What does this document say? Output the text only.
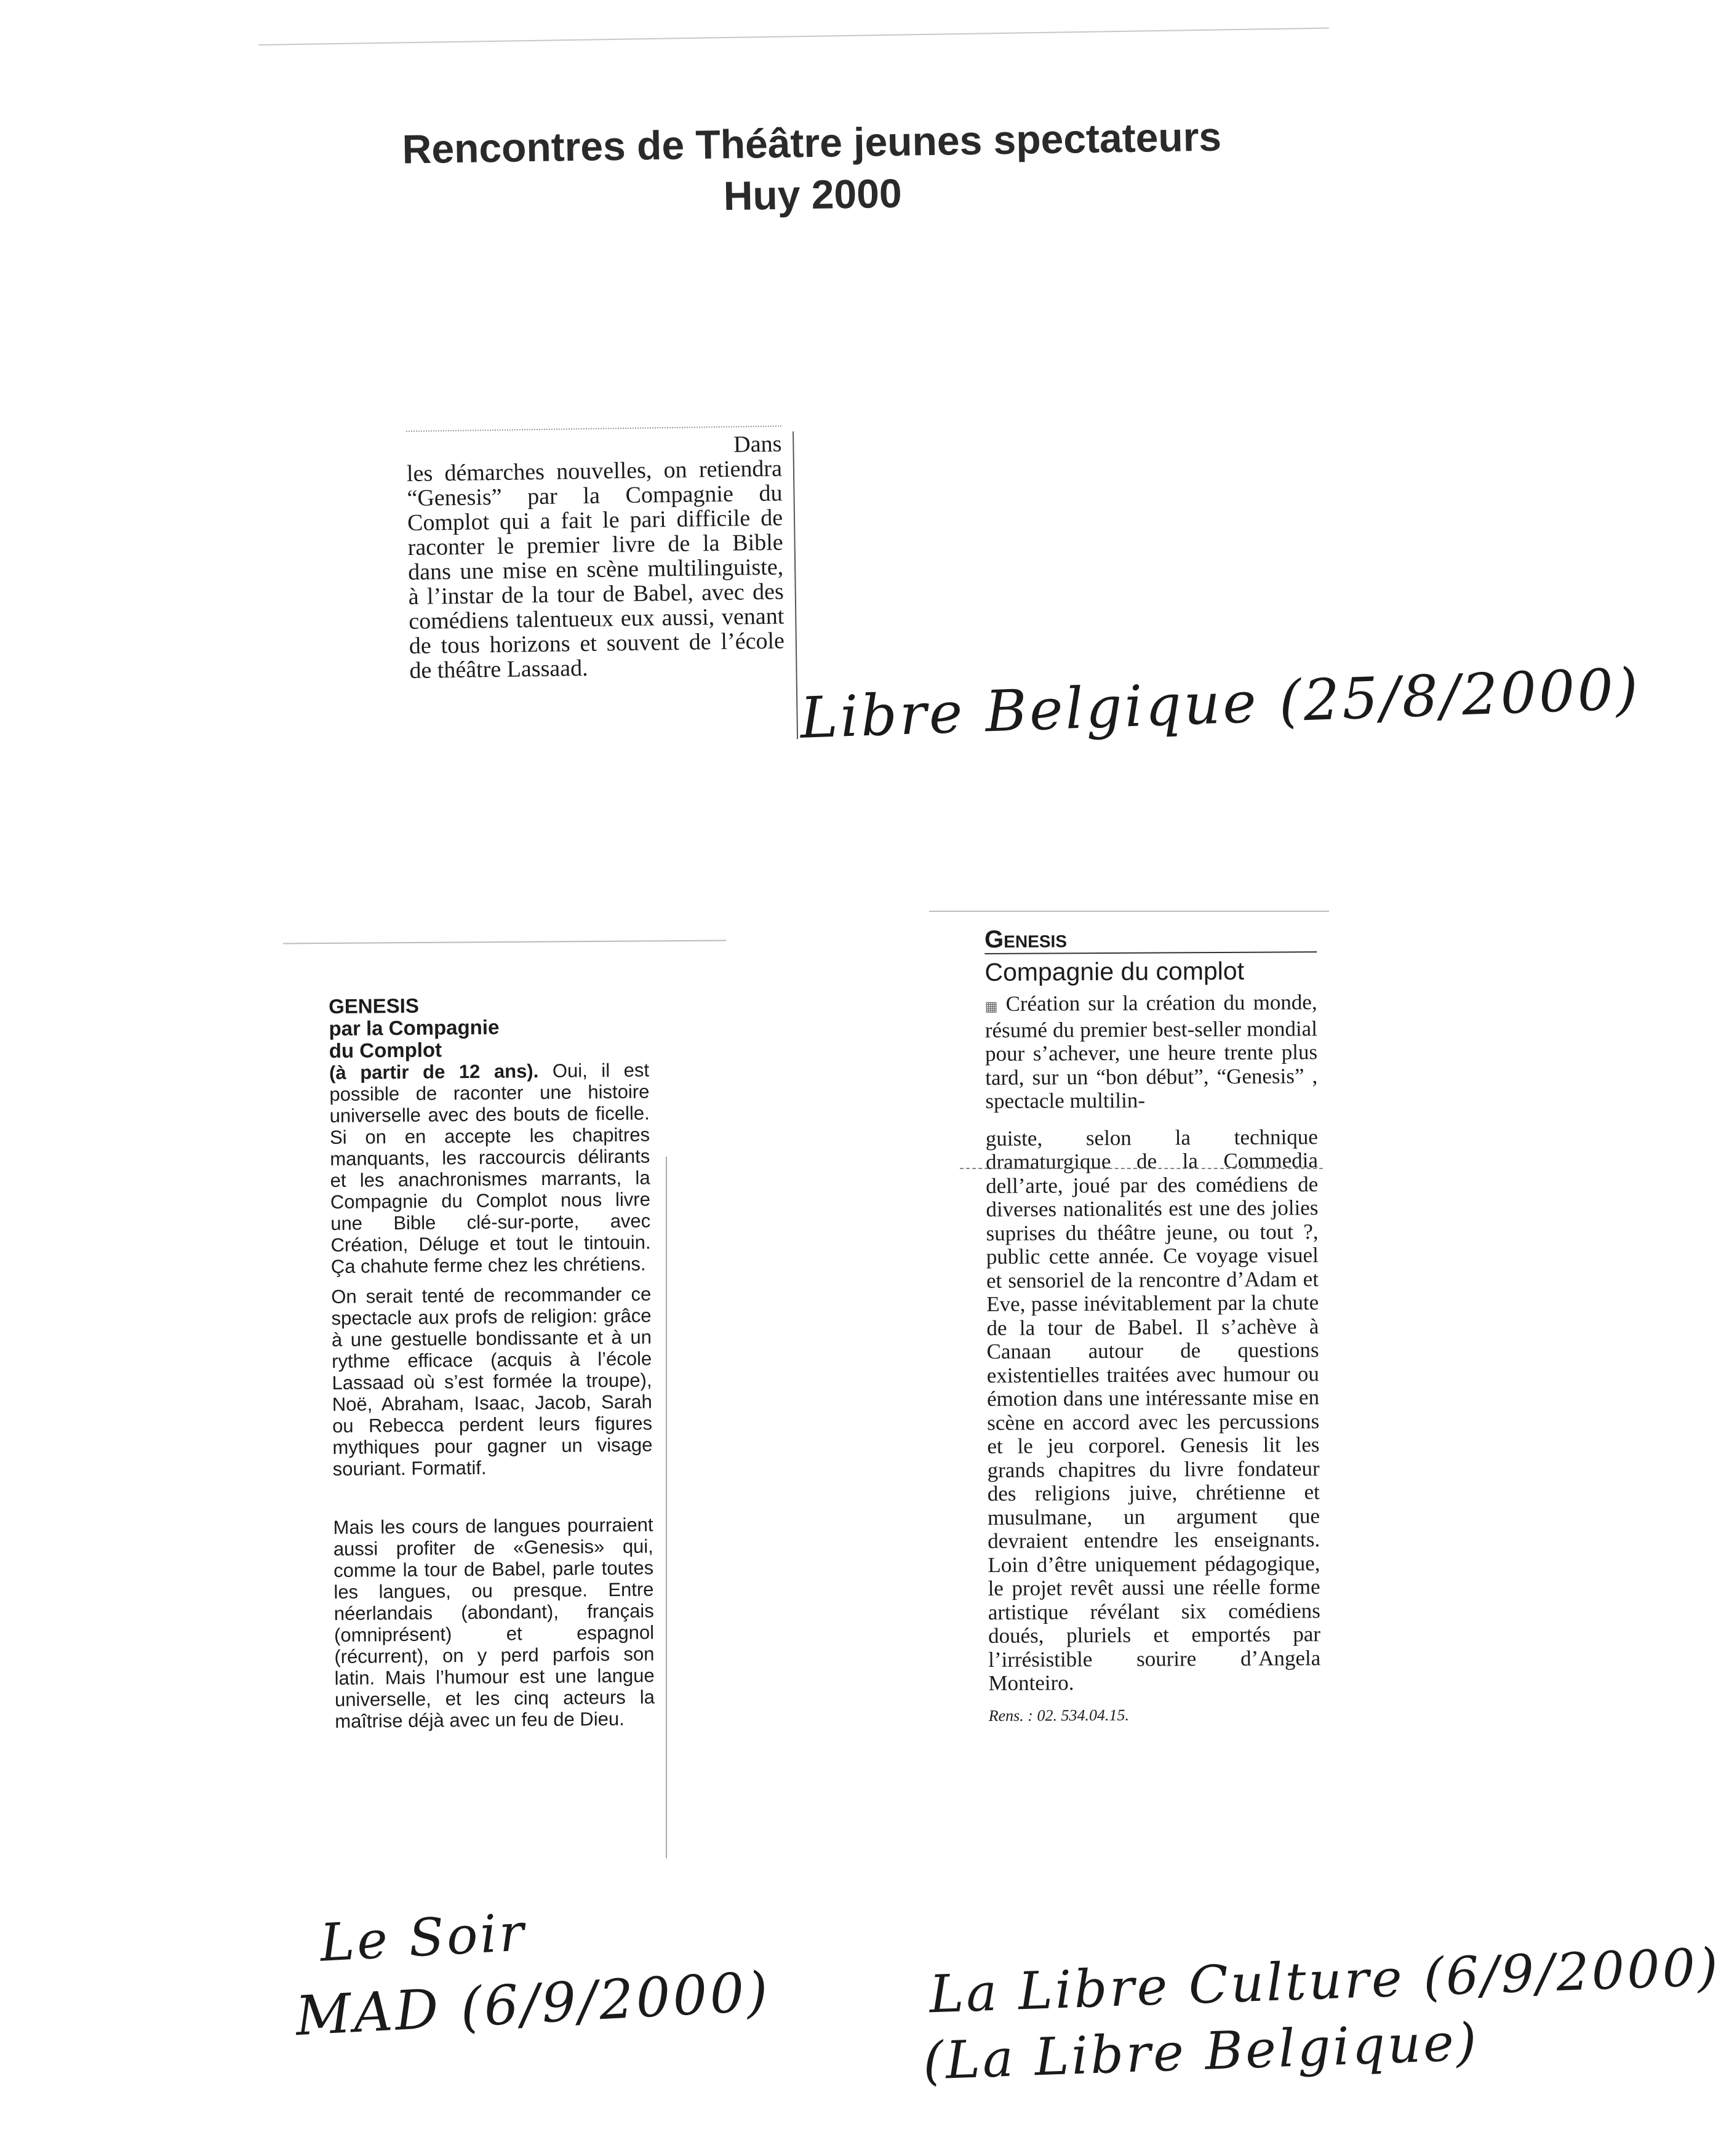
Rencontres de Théâtre jeunes spectateurs
Huy 2000
Dans
les démarches nouvelles, on retiendra “Genesis” par la Compagnie du Complot qui a fait le pari difficile de raconter le premier livre de la Bible dans une mise en scène multilinguiste, à l’instar de la tour de Babel, avec des comédiens talentueux eux aussi, venant de tous horizons et souvent de l’école de théâtre Lassaad.	Libre Belgique (25/8/2000)

GENESIS

par la Compagnie

du Complot

(à partir de 12 ans). Oui, il est possible de raconter une histoire universelle avec des bouts de ficelle. Si on en accepte les chapitres manquants, les raccourcis délirants et les anachronismes marrants, la Compagnie du Complot nous livre une Bible clé-sur-porte, avec Création, Déluge et tout le tintouin. Ça chahute ferme chez les chrétiens.

On serait tenté de recommander ce spectacle aux profs de religion: grâce à une gestuelle bondissante et à un rythme efficace (acquis à l’école Lassaad où s’est formée la troupe), Noë, Abraham, Isaac, Jacob, Sarah ou Rebecca perdent leurs figures mythiques pour gagner un visage souriant. Formatif.

Mais les cours de langues pourraient aussi profiter de «Genesis» qui, comme la tour de Babel, parle toutes les langues, ou presque. Entre néerlandais (abondant), français (omniprésent) et espagnol (récurrent), on y perd parfois son latin. Mais l’humour est une langue universelle, et les cinq acteurs la maîtrise déjà avec un feu de Dieu.

Le Soir
MAD (6/9/2000)
Genesis
Compagnie du complot
▦ Création sur la création du monde, résumé du premier best-seller mondial pour s’achever, une heure trente plus tard, sur un “bon début”, “Genesis” , spectacle multilin-
guiste, selon la technique dramaturgique de la Commedia dell’arte, joué par des comédiens de diverses nationalités est une des jolies suprises du théâtre jeune, ou tout ?, public cette année. Ce voyage visuel et sensoriel de la rencontre d’Adam et Eve, passe inévitablement par la chute de la tour de Babel. Il s’achève à Canaan autour de questions existentielles traitées avec humour ou émotion dans une intéressante mise en scène en accord avec les percussions et le jeu corporel. Genesis lit les grands chapitres du livre fondateur des religions juive, chrétienne et musulmane, un argument que devraient entendre les enseignants. Loin d’être uniquement pédagogique, le projet revêt aussi une réelle forme artistique révélant six comédiens doués, pluriels et emportés par l’irrésistible sourire d’Angela Monteiro.
Rens. : 02. 534.04.15.
La Libre Culture (6/9/2000)
(La Libre Belgique)
